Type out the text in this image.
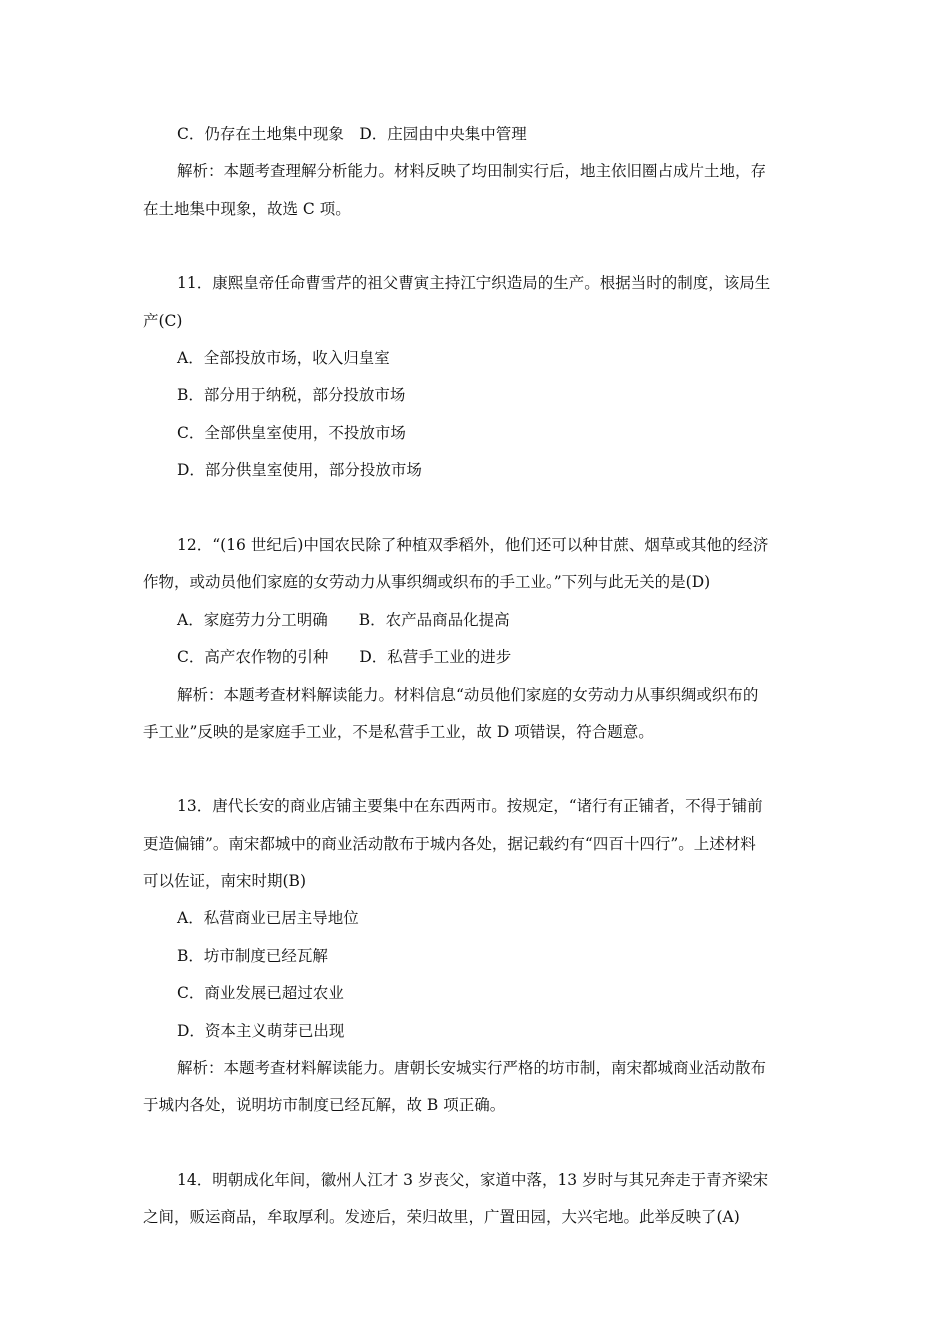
C．仍存在土地集中现象　D．庄园由中央集中管理

解析：本题考查理解分析能力。材料反映了均田制实行后，地主依旧圈占成片土地，存

在土地集中现象，故选 C 项。

11．康熙皇帝任命曹雪芹的祖父曹寅主持江宁织造局的生产。根据当时的制度，该局生

产(C)

A．全部投放市场，收入归皇室

B．部分用于纳税，部分投放市场

C．全部供皇室使用，不投放市场

D．部分供皇室使用，部分投放市场

12．“(16 世纪后)中国农民除了种植双季稻外，他们还可以种甘蔗、烟草或其他的经济

作物，或动员他们家庭的女劳动力从事织绸或织布的手工业。”下列与此无关的是(D)

A．家庭劳力分工明确　　B．农产品商品化提高

C．高产农作物的引种　　D．私营手工业的进步

解析：本题考查材料解读能力。材料信息“动员他们家庭的女劳动力从事织绸或织布的

手工业”反映的是家庭手工业，不是私营手工业，故 D 项错误，符合题意。

13．唐代长安的商业店铺主要集中在东西两市。按规定，“诸行有正铺者，不得于铺前

更造偏铺”。南宋都城中的商业活动散布于城内各处，据记载约有“四百十四行”。上述材料

可以佐证，南宋时期(B)

A．私营商业已居主导地位

B．坊市制度已经瓦解

C．商业发展已超过农业

D．资本主义萌芽已出现

解析：本题考查材料解读能力。唐朝长安城实行严格的坊市制，南宋都城商业活动散布

于城内各处，说明坊市制度已经瓦解，故 B 项正确。

14．明朝成化年间，徽州人江才 3 岁丧父，家道中落，13 岁时与其兄奔走于青齐梁宋

之间，贩运商品，牟取厚利。发迹后，荣归故里，广置田园，大兴宅地。此举反映了(A)
